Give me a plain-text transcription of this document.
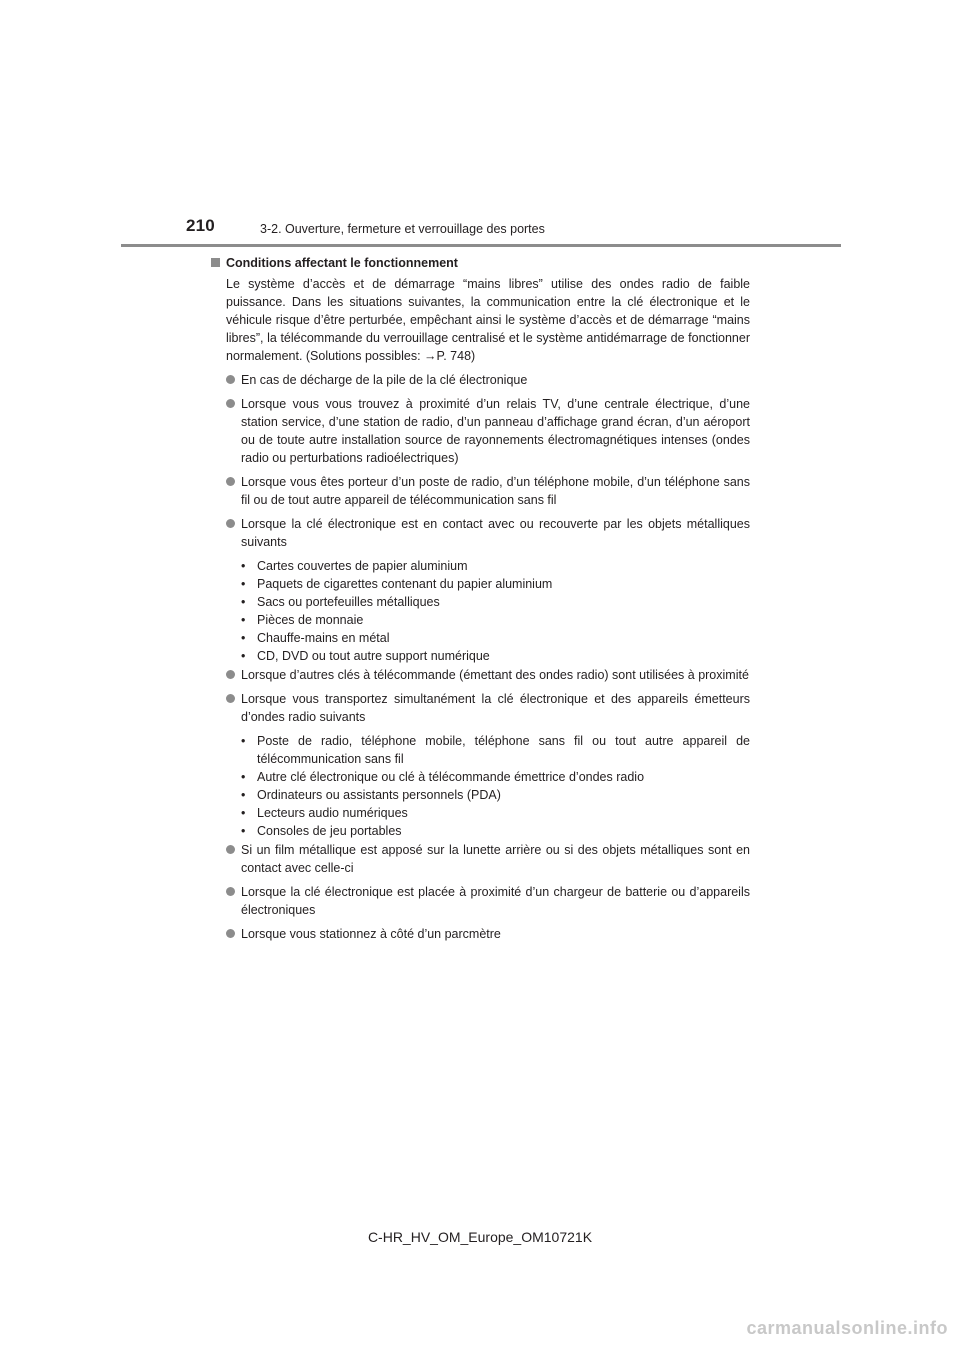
210	3-2. Ouverture, fermeture et verrouillage des portes
Conditions affectant le fonctionnement
Le système d’accès et de démarrage “mains libres” utilise des ondes radio de faible puissance. Dans les situations suivantes, la communication entre la clé électronique et le véhicule risque d’être perturbée, empêchant ainsi le système d’accès et de démarrage “mains libres”, la télécommande du verrouillage centralisé et le système antidémarrage de fonctionner normalement. (Solutions possibles: →P. 748)
En cas de décharge de la pile de la clé électronique
Lorsque vous vous trouvez à proximité d’un relais TV, d’une centrale électrique, d’une station service, d’une station de radio, d’un panneau d’affichage grand écran, d’un aéroport ou de toute autre installation source de rayonnements électromagnétiques intenses (ondes radio ou perturbations radioélectriques)
Lorsque vous êtes porteur d’un poste de radio, d’un téléphone mobile, d’un téléphone sans fil ou de tout autre appareil de télécommunication sans fil
Lorsque la clé électronique est en contact avec ou recouverte par les objets métalliques suivants
• Cartes couvertes de papier aluminium
• Paquets de cigarettes contenant du papier aluminium
• Sacs ou portefeuilles métalliques
• Pièces de monnaie
• Chauffe-mains en métal
• CD, DVD ou tout autre support numérique
Lorsque d’autres clés à télécommande (émettant des ondes radio) sont utilisées à proximité
Lorsque vous transportez simultanément la clé électronique et des appareils émetteurs d’ondes radio suivants
• Poste de radio, téléphone mobile, téléphone sans fil ou tout autre appareil de télécommunication sans fil
• Autre clé électronique ou clé à télécommande émettrice d’ondes radio
• Ordinateurs ou assistants personnels (PDA)
• Lecteurs audio numériques
• Consoles de jeu portables
Si un film métallique est apposé sur la lunette arrière ou si des objets métalliques sont en contact avec celle-ci
Lorsque la clé électronique est placée à proximité d’un chargeur de batterie ou d’appareils électroniques
Lorsque vous stationnez à côté d’un parcmètre
C-HR_HV_OM_Europe_OM10721K
carmanualsonline.info
